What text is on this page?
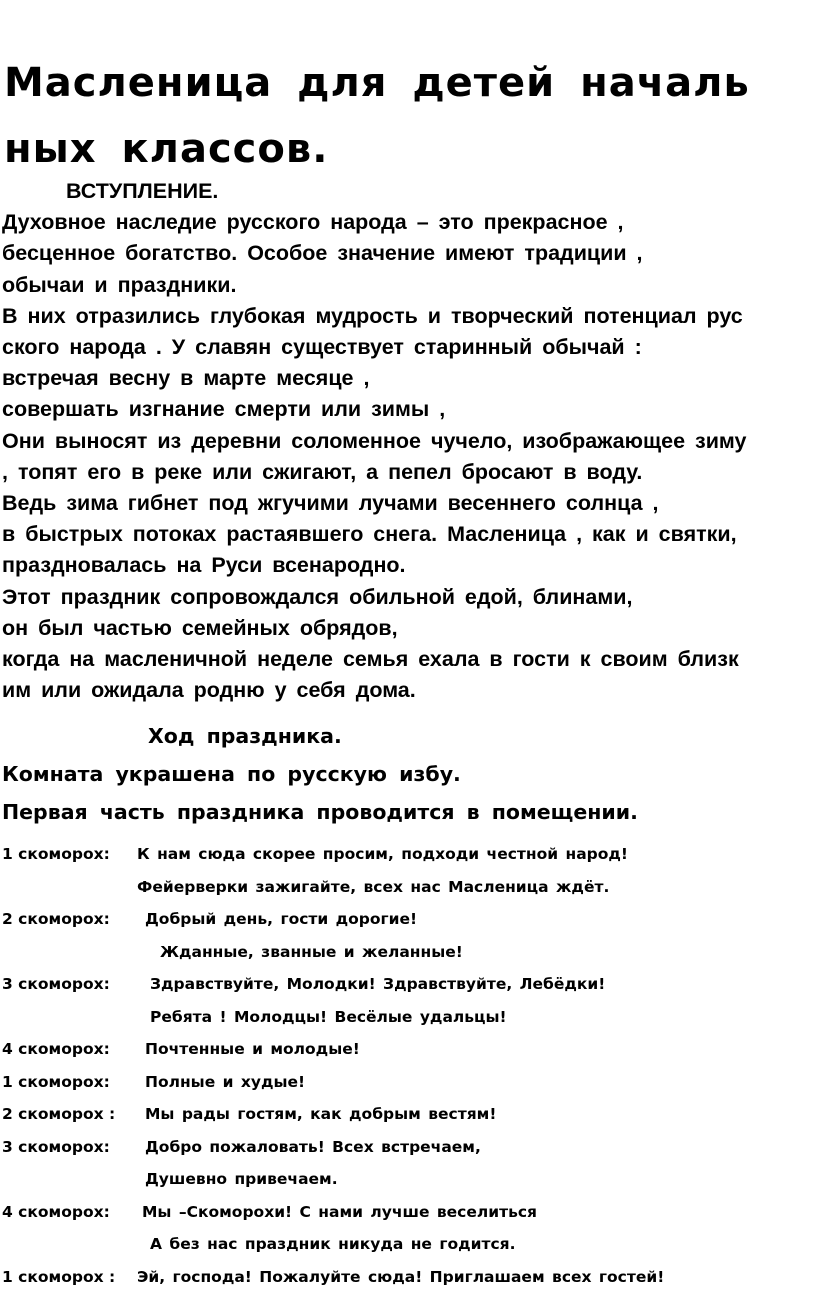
Масленица для детей началь
ных классов.
ВСТУПЛЕНИЕ.
Духовное наследие русского народа – это прекрасное ,
бесценное богатство. Особое значение имеют традиции ,
обычаи и праздники.
В них отразились глубокая мудрость и творческий потенциал рус
ского народа . У славян существует старинный обычай :
встречая весну в марте месяце ,
совершать изгнание смерти или зимы ,
Они выносят из деревни соломенное чучело, изображающее зиму
, топят его в реке или сжигают, а пепел бросают в воду.
Ведь зима гибнет под жгучими лучами весеннего солнца ,
в быстрых потоках растаявшего снега. Масленица , как и святки,
праздновалась на Руси всенародно.
Этот праздник сопровождался обильной едой, блинами,
он был частью семейных обрядов,
когда на масленичной неделе семья ехала в гости к своим близк
им или ожидала родню у себя дома.
Ход праздника.
Комната украшена по русскую избу.
Первая часть праздника проводится в помещении.
1 скоморох: К нам сюда скорее просим, подходи честной народ!
Фейерверки зажигайте, всех нас Масленица ждёт.
2 скоморох: Добрый день, гости дорогие!
Жданные, званные и желанные!
3 скоморох:	Здравствуйте, Молодки! Здравствуйте, Лебёдки!
Ребята ! Молодцы! Весёлые удальцы!
4 скоморох: Почтенные и молодые!
1 скоморох: Полные и худые!
2 скоморох : Мы рады гостям, как добрым вестям!
3 скоморох: Добро пожаловать! Всех встречаем,
Душевно привечаем.
4 скоморох: Мы –Скоморохи! С нами лучше веселиться
А без нас праздник никуда не годится.
1 скоморох : Эй, господа! Пожалуйте сюда! Приглашаем всех гостей!
